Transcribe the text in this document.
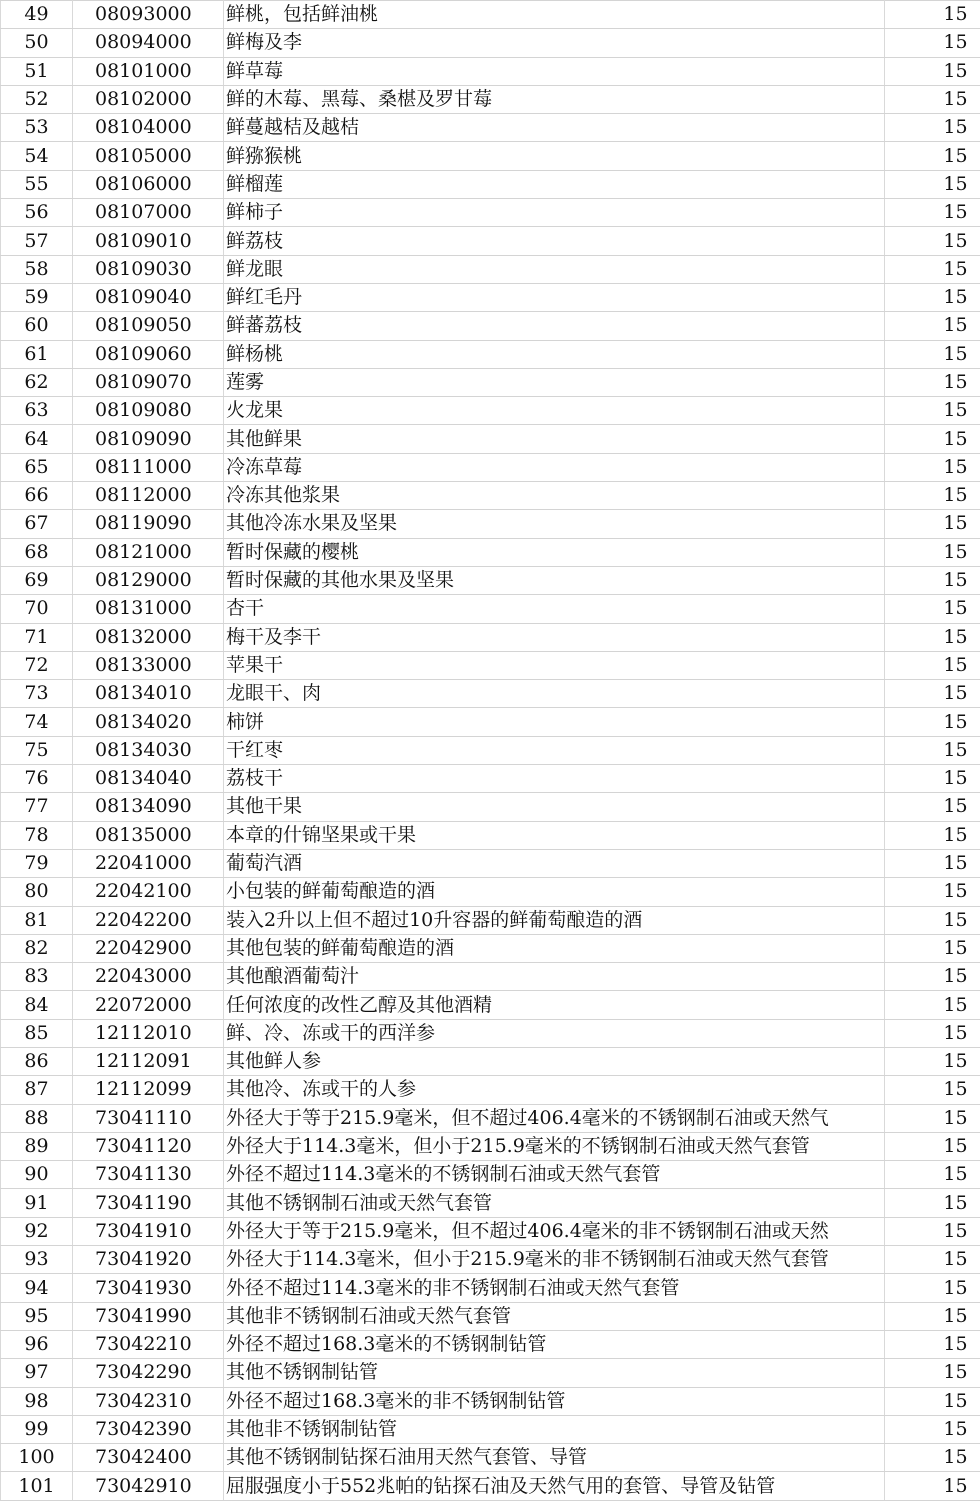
49	08093000	鲜桃，包括鲜油桃	15
50	08094000	鲜梅及李	15
51	08101000	鲜草莓	15
52	08102000	鲜的木莓、黑莓、桑椹及罗甘莓	15
53	08104000	鲜蔓越桔及越桔	15
54	08105000	鲜猕猴桃	15
55	08106000	鲜榴莲	15
56	08107000	鲜柿子	15
57	08109010	鲜荔枝	15
58	08109030	鲜龙眼	15
59	08109040	鲜红毛丹	15
60	08109050	鲜蕃荔枝	15
61	08109060	鲜杨桃	15
62	08109070	莲雾	15
63	08109080	火龙果	15
64	08109090	其他鲜果	15
65	08111000	冷冻草莓	15
66	08112000	冷冻其他浆果	15
67	08119090	其他冷冻水果及坚果	15
68	08121000	暂时保藏的樱桃	15
69	08129000	暂时保藏的其他水果及坚果	15
70	08131000	杏干	15
71	08132000	梅干及李干	15
72	08133000	苹果干	15
73	08134010	龙眼干、肉	15
74	08134020	柿饼	15
75	08134030	干红枣	15
76	08134040	荔枝干	15
77	08134090	其他干果	15
78	08135000	本章的什锦坚果或干果	15
79	22041000	葡萄汽酒	15
80	22042100	小包装的鲜葡萄酿造的酒	15
81	22042200	装入2升以上但不超过10升容器的鲜葡萄酿造的酒	15
82	22042900	其他包装的鲜葡萄酿造的酒	15
83	22043000	其他酿酒葡萄汁	15
84	22072000	任何浓度的改性乙醇及其他酒精	15
85	12112010	鲜、冷、冻或干的西洋参	15
86	12112091	其他鲜人参	15
87	12112099	其他冷、冻或干的人参	15
88	73041110	外径大于等于215.9毫米，但不超过406.4毫米的不锈钢制石油或天然气	15
89	73041120	外径大于114.3毫米，但小于215.9毫米的不锈钢制石油或天然气套管	15
90	73041130	外径不超过114.3毫米的不锈钢制石油或天然气套管	15
91	73041190	其他不锈钢制石油或天然气套管	15
92	73041910	外径大于等于215.9毫米，但不超过406.4毫米的非不锈钢制石油或天然	15
93	73041920	外径大于114.3毫米，但小于215.9毫米的非不锈钢制石油或天然气套管	15
94	73041930	外径不超过114.3毫米的非不锈钢制石油或天然气套管	15
95	73041990	其他非不锈钢制石油或天然气套管	15
96	73042210	外径不超过168.3毫米的不锈钢制钻管	15
97	73042290	其他不锈钢制钻管	15
98	73042310	外径不超过168.3毫米的非不锈钢制钻管	15
99	73042390	其他非不锈钢制钻管	15
100	73042400	其他不锈钢制钻探石油用天然气套管、导管	15
101	73042910	屈服强度小于552兆帕的钻探石油及天然气用的套管、导管及钻管	15
